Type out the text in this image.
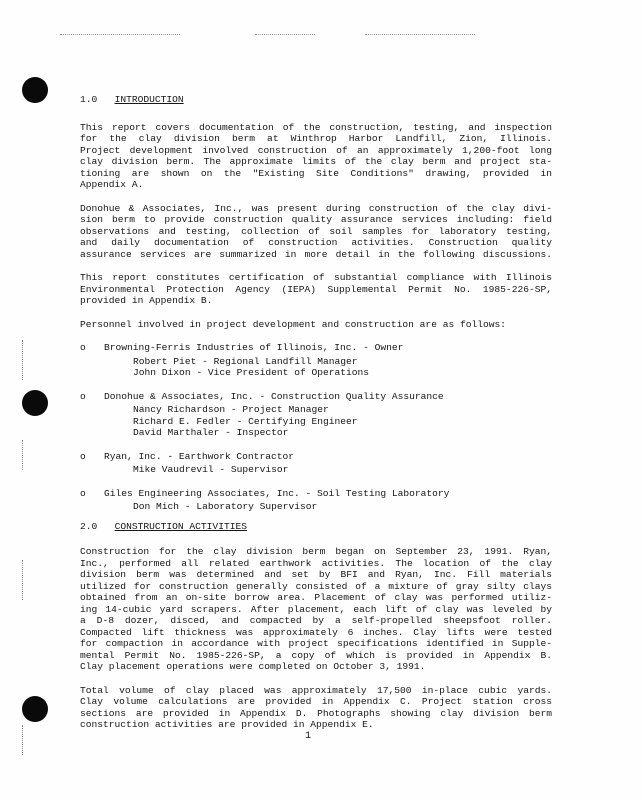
1.0 INTRODUCTION

This report covers documentation of the construction, testing, and inspection

for the clay division berm at Winthrop Harbor Landfill, Zion, Illinois.

Project development involved construction of an approximately 1,200-foot long

clay division berm. The approximate limits of the clay berm and project sta-

tioning are shown on the "Existing Site Conditions" drawing, provided in

Appendix A.

Donohue & Associates, Inc., was present during construction of the clay divi-

sion berm to provide construction quality assurance services including: field

observations and testing, collection of soil samples for laboratory testing,

and daily documentation of construction activities. Construction quality

assurance services are summarized in more detail in the following discussions.

This report constitutes certification of substantial compliance with Illinois

Environmental Protection Agency (IEPA) Supplemental Permit No. 1985-226-SP,

provided in Appendix B.

Personnel involved in project development and construction are as follows:

o	Browning-Ferris Industries of Illinois, Inc. - Owner
Robert Piet - Regional Landfill Manager
John Dixon - Vice President of Operations
o	Donohue & Associates, Inc. - Construction Quality Assurance
Nancy Richardson - Project Manager
Richard E. Fedler - Certifying Engineer
David Marthaler - Inspector
o	Ryan, Inc. - Earthwork Contractor
Mike Vaudrevil - Supervisor
o	Giles Engineering Associates, Inc. - Soil Testing Laboratory
Don Mich - Laboratory Supervisor
2.0 CONSTRUCTION ACTIVITIES

Construction for the clay division berm began on September 23, 1991. Ryan,

Inc., performed all related earthwork activities. The location of the clay

division berm was determined and set by BFI and Ryan, Inc. Fill materials

utilized for construction generally consisted of a mixture of gray silty clays

obtained from an on-site borrow area. Placement of clay was performed utiliz-

ing 14-cubic yard scrapers. After placement, each lift of clay was leveled by

a D-8 dozer, disced, and compacted by a self-propelled sheepsfoot roller.

Compacted lift thickness was approximately 6 inches. Clay lifts were tested

for compaction in accordance with project specifications identified in Supple-

mental Permit No. 1985-226-SP, a copy of which is provided in Appendix B.

Clay placement operations were completed on October 3, 1991.

Total volume of clay placed was approximately 17,500 in-place cubic yards.

Clay volume calculations are provided in Appendix C. Project station cross

sections are provided in Appendix D. Photographs showing clay division berm

construction activities are provided in Appendix E.

1
